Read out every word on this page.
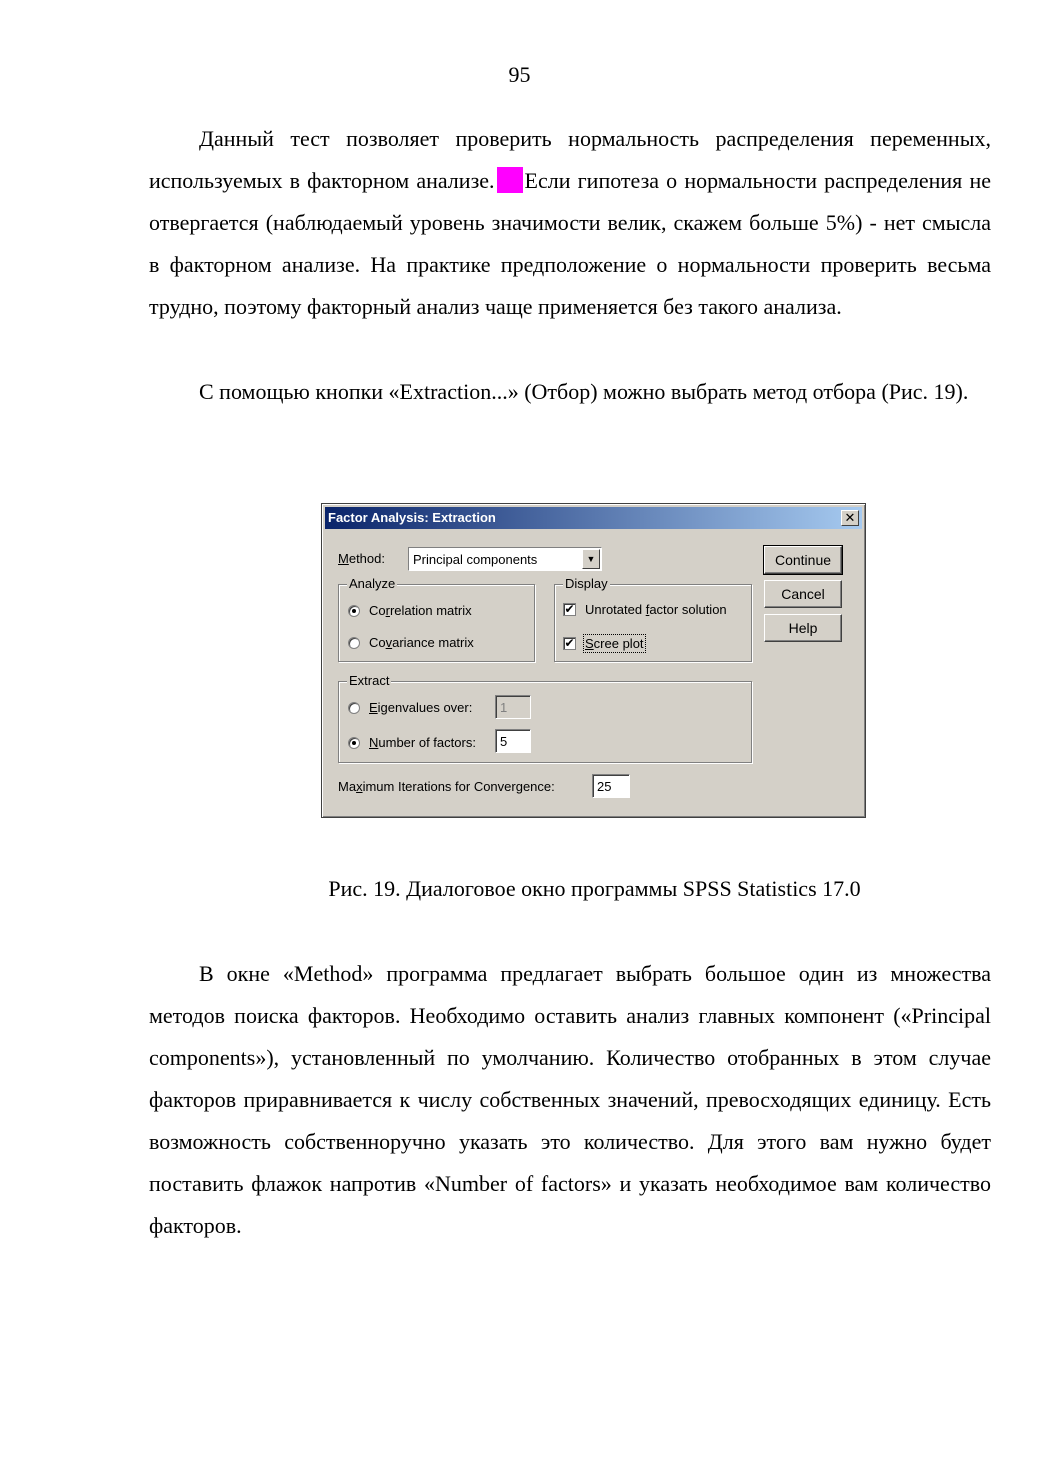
95

Данный тест позволяет проверить нормальность распределения переменных, используемых в факторном анализе. Если гипотеза о нормальности распределения не отвергается (наблюдаемый уровень значимости велик, скажем больше 5%) - нет смысла в факторном анализе. На практике предположение о нормальности проверить весьма трудно, поэтому факторный анализ чаще применяется без такого анализа.

С помощью кнопки «Extraction...» (Отбор) можно выбрать метод отбора (Рис. 19).

Factor Analysis: Extraction	✕
Method: Principal components	▼
Analyze
Correlation matrix
Covariance matrix
Display
✔ Unrotated factor solution
✔ Scree plot
Extract
Eigenvalues over:	1
Number of factors:	5
Maximum Iterations for Convergence:	25
Continue
Cancel
Help
Рис. 19. Диалоговое окно программы SPSS Statistics 17.0

В окне «Method» программа предлагает выбрать большое один из множества методов поиска факторов. Необходимо оставить анализ главных компонент («Principal components»), установленный по умолчанию. Количество отобранных в этом случае факторов приравнивается к числу собственных значений, превосходящих единицу. Есть возможность собственноручно указать это количество. Для этого вам нужно будет поставить флажок напротив «Number of factors» и указать необходимое вам количество факторов.
